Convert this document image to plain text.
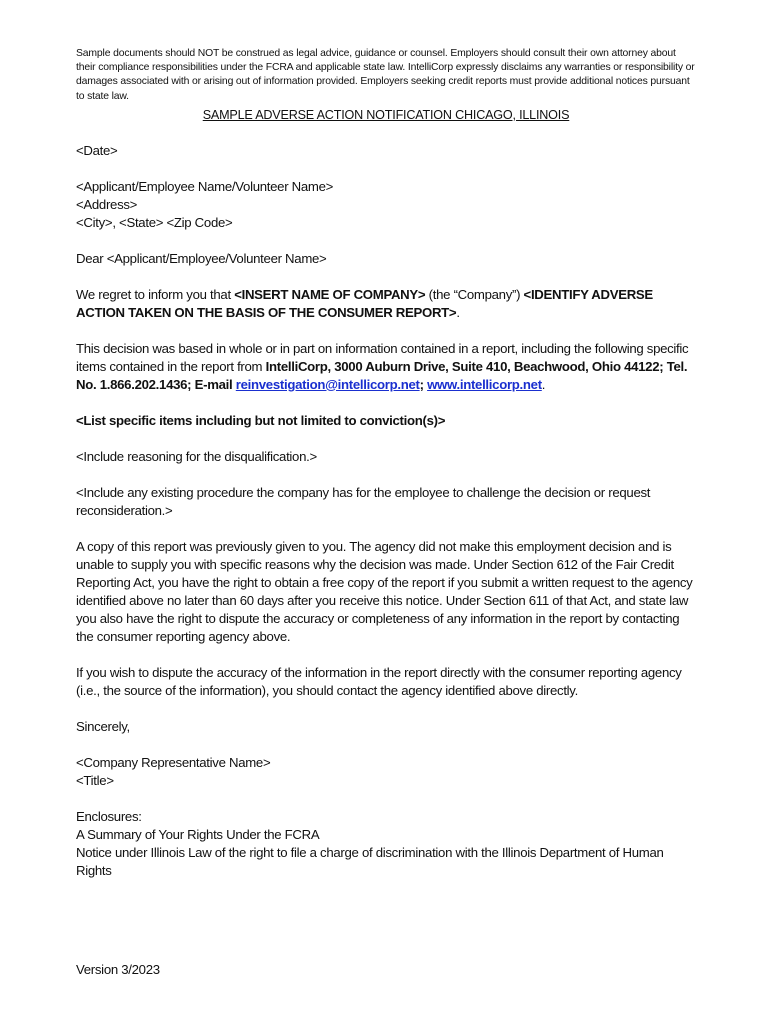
Sample documents should NOT be construed as legal advice, guidance or counsel. Employers should consult their own attorney about their compliance responsibilities under the FCRA and applicable state law. IntelliCorp expressly disclaims any warranties or responsibility or damages associated with or arising out of information provided. Employers seeking credit reports must provide additional notices pursuant to state law.

SAMPLE ADVERSE ACTION NOTIFICATION CHICAGO, ILLINOIS

<Date>

<Applicant/Employee Name/Volunteer Name>

<Address>

<City>, <State> <Zip Code>

Dear <Applicant/Employee/Volunteer Name>

We regret to inform you that <INSERT NAME OF COMPANY> (the “Company”) <IDENTIFY ADVERSE ACTION TAKEN ON THE BASIS OF THE CONSUMER REPORT>.

This decision was based in whole or in part on information contained in a report, including the following specific items contained in the report from IntelliCorp, 3000 Auburn Drive, Suite 410, Beachwood, Ohio 44122; Tel. No. 1.866.202.1436; E-mail reinvestigation@intellicorp.net; www.intellicorp.net.

<List specific items including but not limited to conviction(s)>

<Include reasoning for the disqualification.>

<Include any existing procedure the company has for the employee to challenge the decision or request reconsideration.>

A copy of this report was previously given to you. The agency did not make this employment decision and is unable to supply you with specific reasons why the decision was made. Under Section 612 of the Fair Credit Reporting Act, you have the right to obtain a free copy of the report if you submit a written request to the agency identified above no later than 60 days after you receive this notice. Under Section 611 of that Act, and state law you also have the right to dispute the accuracy or completeness of any information in the report by contacting the consumer reporting agency above.

If you wish to dispute the accuracy of the information in the report directly with the consumer reporting agency (i.e., the source of the information), you should contact the agency identified above directly.

Sincerely,

<Company Representative Name>

<Title>

Enclosures:

A Summary of Your Rights Under the FCRA

Notice under Illinois Law of the right to file a charge of discrimination with the Illinois Department of Human Rights

Version 3/2023
